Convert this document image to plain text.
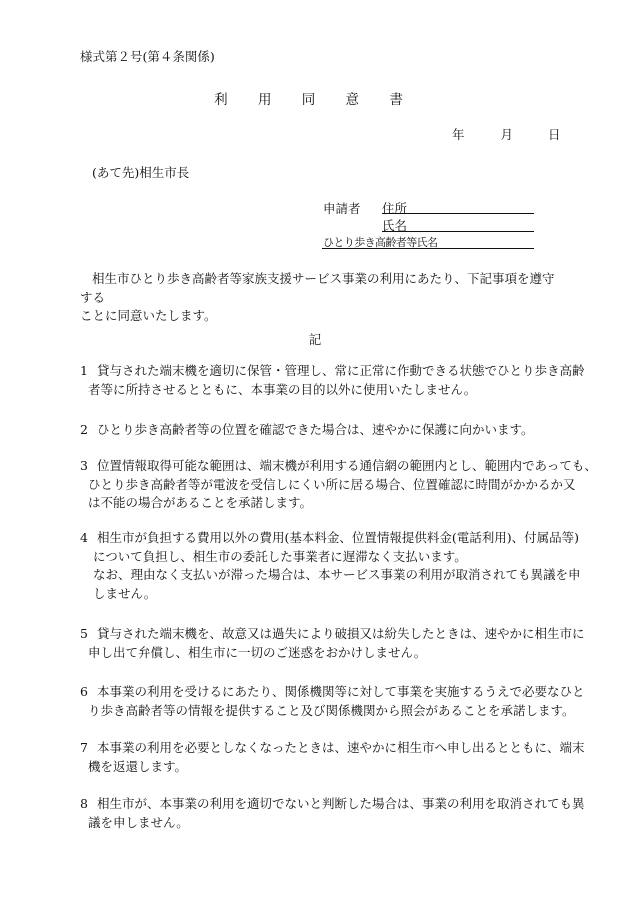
様式第２号(第４条関係)
利 用 同 意 書
年	月	日
(あて先)相生市長
申請者 住所
氏名
ひとり歩き高齢者等氏名

相生市ひとり歩き高齢者等家族支援サービス事業の利用にあたり、下記事項を遵守する

ことに同意いたします。

記
1 貸与された端末機を適切に保管・管理し、常に正常に作動できる状態でひとり歩き高齢
者等に所持させるとともに、本事業の目的以外に使用いたしません。
2 ひとり歩き高齢者等の位置を確認できた場合は、速やかに保護に向かいます。
3 位置情報取得可能な範囲は、端末機が利用する通信網の範囲内とし、範囲内であっても、
ひとり歩き高齢者等が電波を受信しにくい所に居る場合、位置確認に時間がかかるか又
は不能の場合があることを承諾します。
4 相生市が負担する費用以外の費用(基本料金、位置情報提供料金(電話利用)、付属品等)
について負担し、相生市の委託した事業者に遅滞なく支払います。
なお、理由なく支払いが滞った場合は、本サービス事業の利用が取消されても異議を申
しません。
5 貸与された端末機を、故意又は過失により破損又は紛失したときは、速やかに相生市に
申し出て弁償し、相生市に一切のご迷惑をおかけしません。
6 本事業の利用を受けるにあたり、関係機関等に対して事業を実施するうえで必要なひと
り歩き高齢者等の情報を提供すること及び関係機関から照会があることを承諾します。
7 本事業の利用を必要としなくなったときは、速やかに相生市へ申し出るとともに、端末
機を返還します。
8 相生市が、本事業の利用を適切でないと判断した場合は、事業の利用を取消されても異
議を申しません。
